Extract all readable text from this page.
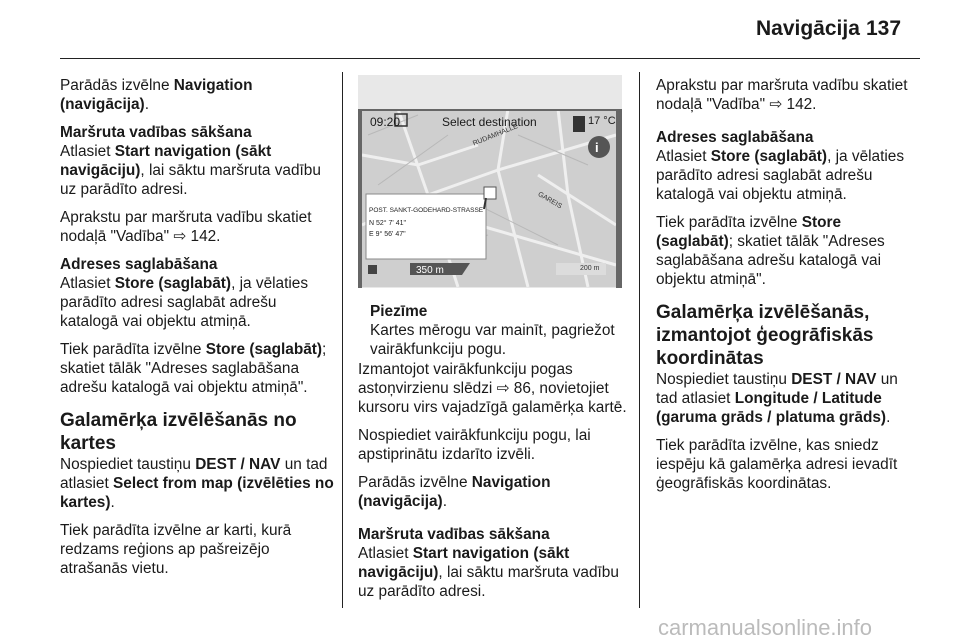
Navigācija 137

Parādās izvēlne Navigation (navigācija).

Maršruta vadības sākšana

Atlasiet Start navigation (sākt navigāciju), lai sāktu maršruta vadību uz parādīto adresi.

Aprakstu par maršruta vadību skatiet nodaļā "Vadība" ⇨ 142.

Adreses saglabāšana

Atlasiet Store (saglabāt), ja vēlaties parādīto adresi saglabāt adrešu katalogā vai objektu atmiņā.

Tiek parādīta izvēlne Store (saglabāt); skatiet tālāk "Adreses saglabāšana adrešu katalogā vai objektu atmiņā".

Galamērķa izvēlēšanās no kartes

Nospiediet taustiņu DEST / NAV un tad atlasiet Select from map (izvēlēties no kartes).

Tiek parādīta izvēlne ar karti, kurā redzams reģions ap pašreizējo atrašanās vietu.

i
09:20	Select destination	17 °C
RUDAMHALLE
GAREIS
POST. SANKT-GODEHARD-STRASSE
N 52° 7' 41"
E 9° 56' 47"
350 m	200 m

Piezīme

Kartes mērogu var mainīt, pagriežot vairākfunkciju pogu.

Izmantojot vairākfunkciju pogas astoņvirzienu slēdzi ⇨ 86, novietojiet kursoru virs vajadzīgā galamērķa kartē.

Nospiediet vairākfunkciju pogu, lai apstiprinātu izdarīto izvēli.

Parādās izvēlne Navigation (navigācija).

Maršruta vadības sākšana

Atlasiet Start navigation (sākt navigāciju), lai sāktu maršruta vadību uz parādīto adresi.

Aprakstu par maršruta vadību skatiet nodaļā "Vadība" ⇨ 142.

Adreses saglabāšana

Atlasiet Store (saglabāt), ja vēlaties parādīto adresi saglabāt adrešu katalogā vai objektu atmiņā.

Tiek parādīta izvēlne Store (saglabāt); skatiet tālāk "Adreses saglabāšana adrešu katalogā vai objektu atmiņā".

Galamērķa izvēlēšanās, izmantojot ģeogrāfiskās koordinātas

Nospiediet taustiņu DEST / NAV un tad atlasiet Longitude / Latitude (garuma grāds / platuma grāds).

Tiek parādīta izvēlne, kas sniedz iespēju kā galamērķa adresi ievadīt ģeogrāfiskās koordinātas.

carmanualsonline.info
